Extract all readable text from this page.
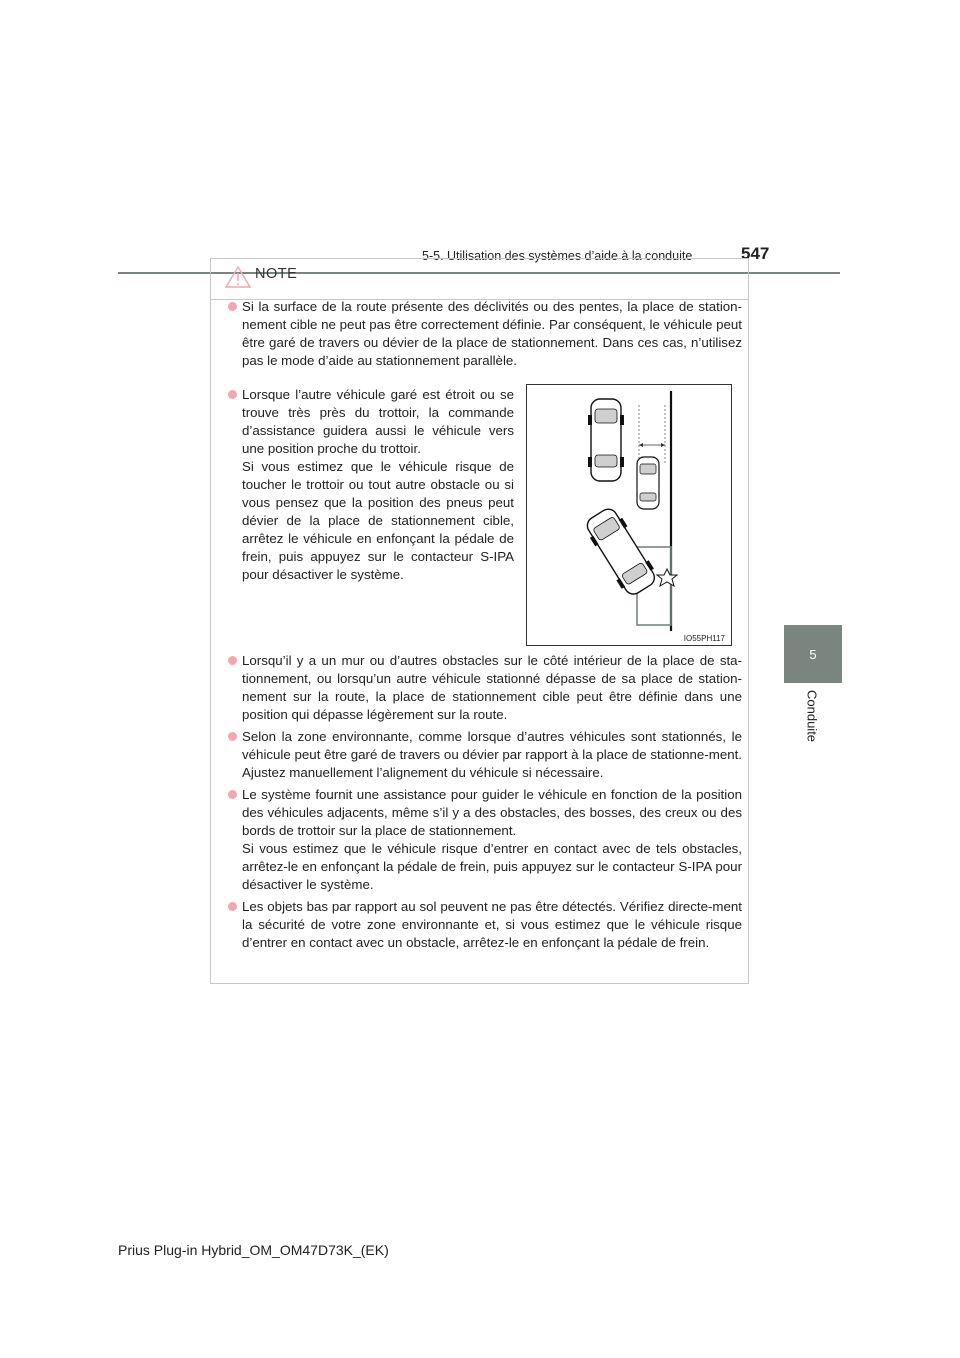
5-5. Utilisation des systèmes d’aide à la conduite	547
5
Conduite
NOTE

Si la surface de la route présente des déclivités ou des pentes, la place de station-nement cible ne peut pas être correctement définie. Par conséquent, le véhicule peut être garé de travers ou dévier de la place de stationnement. Dans ces cas, n’utilisez pas le mode d’aide au stationnement parallèle.

Lorsque l’autre véhicule garé est étroit ou se trouve très près du trottoir, la commande d’assistance guidera aussi le véhicule vers une position proche du trottoir.

Si vous estimez que le véhicule risque de toucher le trottoir ou tout autre obstacle ou si vous pensez que la position des pneus peut dévier de la place de stationnement cible, arrêtez le véhicule en enfonçant la pédale de frein, puis appuyez sur le contacteur S-IPA pour désactiver le système.

IO55PH117

Lorsqu’il y a un mur ou d’autres obstacles sur le côté intérieur de la place de sta-tionnement, ou lorsqu’un autre véhicule stationné dépasse de sa place de station-nement sur la route, la place de stationnement cible peut être définie dans une position qui dépasse légèrement sur la route.

Selon la zone environnante, comme lorsque d’autres véhicules sont stationnés, le véhicule peut être garé de travers ou dévier par rapport à la place de stationne-ment. Ajustez manuellement l’alignement du véhicule si nécessaire.

Le système fournit une assistance pour guider le véhicule en fonction de la position des véhicules adjacents, même s’il y a des obstacles, des bosses, des creux ou des bords de trottoir sur la place de stationnement.

Si vous estimez que le véhicule risque d’entrer en contact avec de tels obstacles, arrêtez-le en enfonçant la pédale de frein, puis appuyez sur le contacteur S-IPA pour désactiver le système.

Les objets bas par rapport au sol peuvent ne pas être détectés. Vérifiez directe-ment la sécurité de votre zone environnante et, si vous estimez que le véhicule risque d’entrer en contact avec un obstacle, arrêtez-le en enfonçant la pédale de frein.

Prius Plug-in Hybrid_OM_OM47D73K_(EK)
